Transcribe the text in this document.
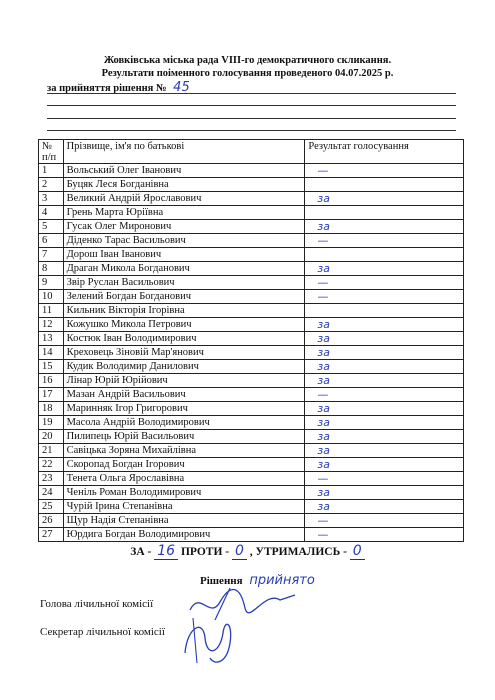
Жовківська міська рада VIII-го демократичного скликання.
Результати поіменного голосування проведеного 04.07.2025 р.
за прийняття рішення № 45
№ п/п	Прізвище, ім'я по батькові	Результат голосування
1	Вольський Олег Іванович	—
2	Буцяк Леся Богданівна	
3	Великий Андрій Ярославович	за
4	Грень Марта Юріївна	
5	Гусак Олег Миронович	за
6	Діденко Тарас Васильович	—
7	Дорош Іван Іванович	
8	Драган Микола Богданович	за
9	Звір Руслан Васильович	—
10	Зелений Богдан Богданович	—
11	Кильник Вікторія Ігорівна	
12	Кожушко Микола Петрович	за
13	Костюк Іван Володимирович	за
14	Креховець Зіновій Мар'янович	за
15	Кудик Володимир Данилович	за
16	Лінар Юрій Юрійович	за
17	Мазан Андрій Васильович	—
18	Маринняк Ігор Григорович	за
19	Масола Андрій Володимирович	за
20	Пилипець Юрій Васильович	за
21	Савіцька Зоряна Михайлівна	за
22	Скоропад Богдан Ігорович	за
23	Тенета Ольга Ярославівна	—
24	Ченіль Роман Володимирович	за
25	Чурій Ірина Степанівна	за
26	Щур Надія Степанівна	—
27	Юрдига Богдан Володимирович	—
ЗА - 16 ПРОТИ - 0 , УТРИМАЛИСЬ - 0
Рішення прийнято
Голова лічильної комісії
Секретар лічильної комісії
